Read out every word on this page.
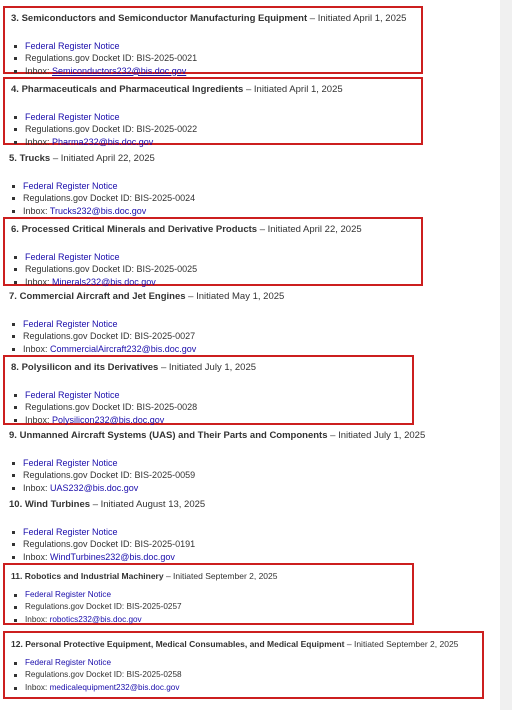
3. Semiconductors and Semiconductor Manufacturing Equipment – Initiated April 1, 2025
Federal Register Notice
Regulations.gov Docket ID: BIS-2025-0021
Inbox: Semiconductors232@bis.doc.gov
4. Pharmaceuticals and Pharmaceutical Ingredients – Initiated April 1, 2025
Federal Register Notice
Regulations.gov Docket ID: BIS-2025-0022
Inbox: Pharma232@bis.doc.gov
5. Trucks – Initiated April 22, 2025
Federal Register Notice
Regulations.gov Docket ID: BIS-2025-0024
Inbox: Trucks232@bis.doc.gov
6. Processed Critical Minerals and Derivative Products – Initiated April 22, 2025
Federal Register Notice
Regulations.gov Docket ID: BIS-2025-0025
Inbox: Minerals232@bis.doc.gov
7. Commercial Aircraft and Jet Engines – Initiated May 1, 2025
Federal Register Notice
Regulations.gov Docket ID: BIS-2025-0027
Inbox: CommercialAircraft232@bis.doc.gov
8. Polysilicon and its Derivatives – Initiated July 1, 2025
Federal Register Notice
Regulations.gov Docket ID: BIS-2025-0028
Inbox: Polysilicon232@bis.doc.gov
9. Unmanned Aircraft Systems (UAS) and Their Parts and Components – Initiated July 1, 2025
Federal Register Notice
Regulations.gov Docket ID: BIS-2025-0059
Inbox: UAS232@bis.doc.gov
10. Wind Turbines – Initiated August 13, 2025
Federal Register Notice
Regulations.gov Docket ID: BIS-2025-0191
Inbox: WindTurbines232@bis.doc.gov
11. Robotics and Industrial Machinery – Initiated September 2, 2025
Federal Register Notice
Regulations.gov Docket ID: BIS-2025-0257
Inbox: robotics232@bis.doc.gov
12. Personal Protective Equipment, Medical Consumables, and Medical Equipment – Initiated September 2, 2025
Federal Register Notice
Regulations.gov Docket ID: BIS-2025-0258
Inbox: medicalequipment232@bis.doc.gov
